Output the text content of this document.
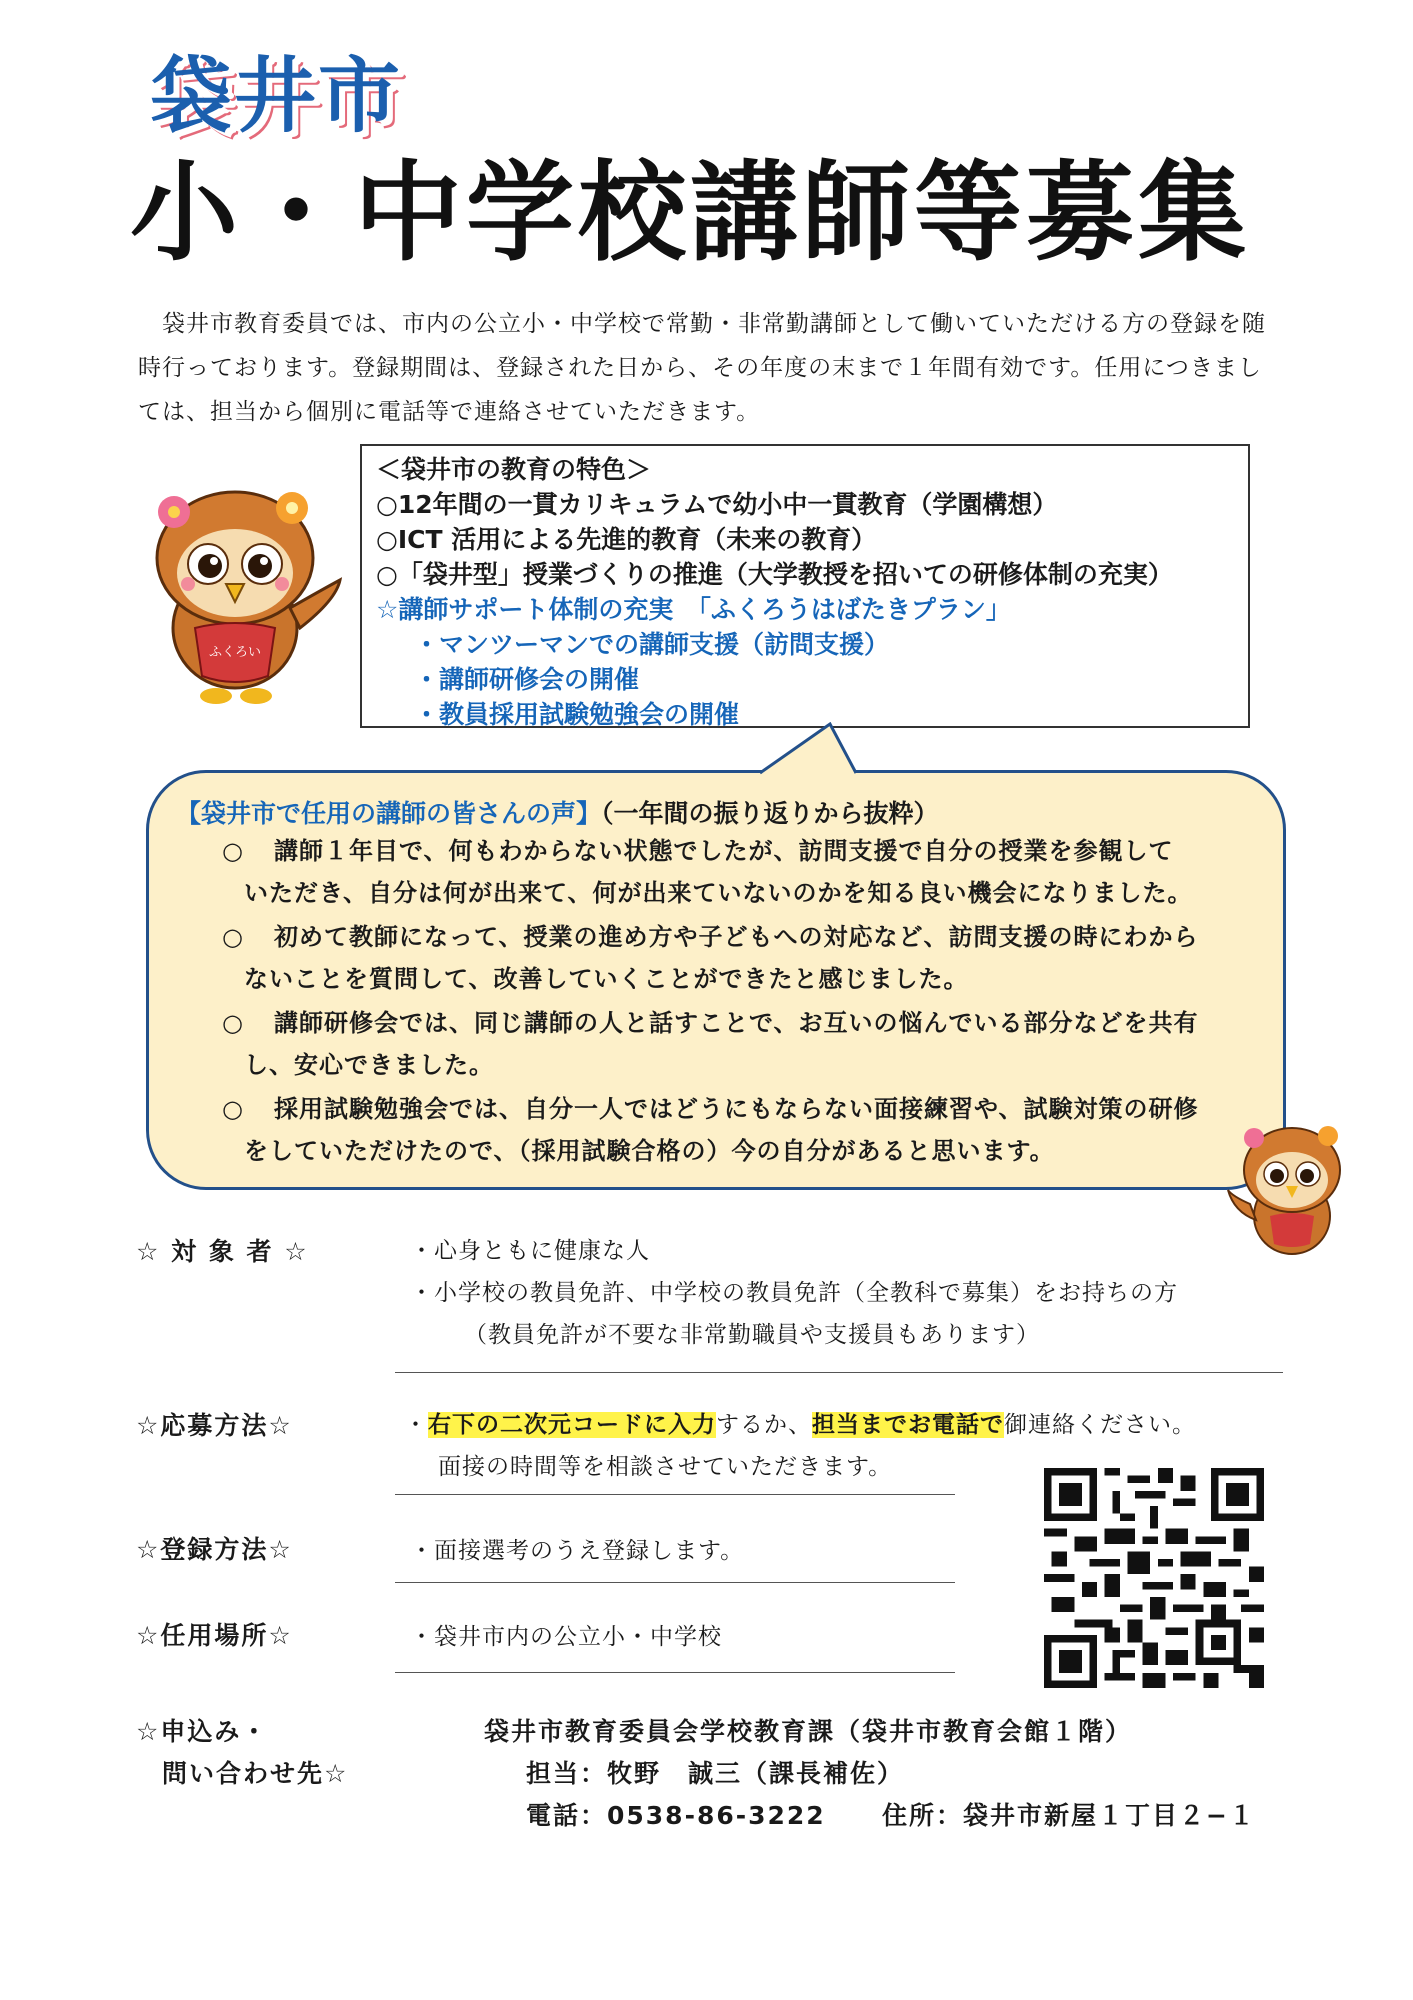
袋井市
小・中学校講師等募集
袋井市教育委員では、市内の公立小・中学校で常勤・非常勤講師として働いていただける方の登録を随時行っております。登録期間は、登録された日から、その年度の末まで１年間有効です。任用につきましては、担当から個別に電話等で連絡させていただきます。
ふくろい
＜袋井市の教育の特色＞
○12年間の一貫カリキュラムで幼小中一貫教育（学園構想）
○ICT 活用による先進的教育（未来の教育）
○「袋井型」授業づくりの推進（大学教授を招いての研修体制の充実）
☆講師サポート体制の充実　「ふくろうはばたきプラン」
・マンツーマンでの講師支援（訪問支援）
・講師研修会の開催
・教員採用試験勉強会の開催
【袋井市で任用の講師の皆さんの声】（一年間の振り返りから抜粋）
○ 講師１年目で、何もわからない状態でしたが、訪問支援で自分の授業を参観して
いただき、自分は何が出来て、何が出来ていないのかを知る良い機会になりました。
○ 初めて教師になって、授業の進め方や子どもへの対応など、訪問支援の時にわから
ないことを質問して、改善していくことができたと感じました。
○ 講師研修会では、同じ講師の人と話すことで、お互いの悩んでいる部分などを共有
し、安心できました。
○ 採用試験勉強会では、自分一人ではどうにもならない面接練習や、試験対策の研修
をしていただけたので、（採用試験合格の）今の自分があると思います。
☆ 対 象 者 ☆	・心身ともに健康な人
・小学校の教員免許、中学校の教員免許（全教科で募集）をお持ちの方
（教員免許が不要な非常勤職員や支援員もあります）
☆応募方法☆	・右下の二次元コードに入力するか、担当までお電話で御連絡ください。
面接の時間等を相談させていただきます。
☆登録方法☆	・面接選考のうえ登録します。
☆任用場所☆	・袋井市内の公立小・中学校
☆申込み・
問い合わせ先☆
袋井市教育委員会学校教育課（袋井市教育会館１階）
担当：牧野　誠三（課長補佐）
電話：0538-86-3222 住所：袋井市新屋１丁目２−１
